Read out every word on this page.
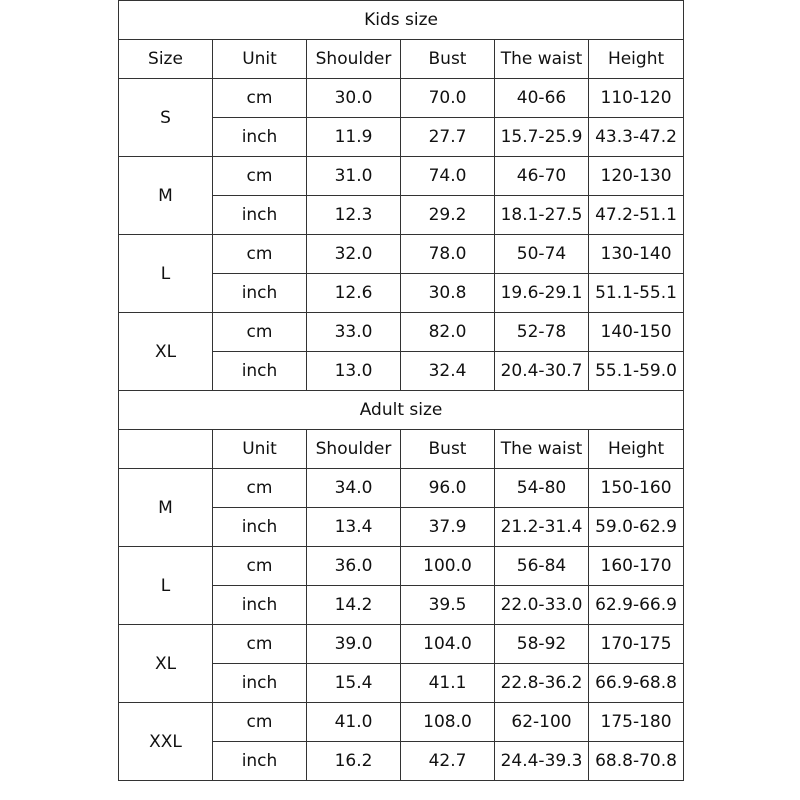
Kids size					
Size	Unit	Shoulder	Bust	The waist	Height
S	cm	30.0	70.0	40-66	110-120
	inch	11.9	27.7	15.7-25.9	43.3-47.2
M	cm	31.0	74.0	46-70	120-130
	inch	12.3	29.2	18.1-27.5	47.2-51.1
L	cm	32.0	78.0	50-74	130-140
	inch	12.6	30.8	19.6-29.1	51.1-55.1
XL	cm	33.0	82.0	52-78	140-150
	inch	13.0	32.4	20.4-30.7	55.1-59.0
Adult size					
	Unit	Shoulder	Bust	The waist	Height
M	cm	34.0	96.0	54-80	150-160
	inch	13.4	37.9	21.2-31.4	59.0-62.9
L	cm	36.0	100.0	56-84	160-170
	inch	14.2	39.5	22.0-33.0	62.9-66.9
XL	cm	39.0	104.0	58-92	170-175
	inch	15.4	41.1	22.8-36.2	66.9-68.8
XXL	cm	41.0	108.0	62-100	175-180
	inch	16.2	42.7	24.4-39.3	68.8-70.8
